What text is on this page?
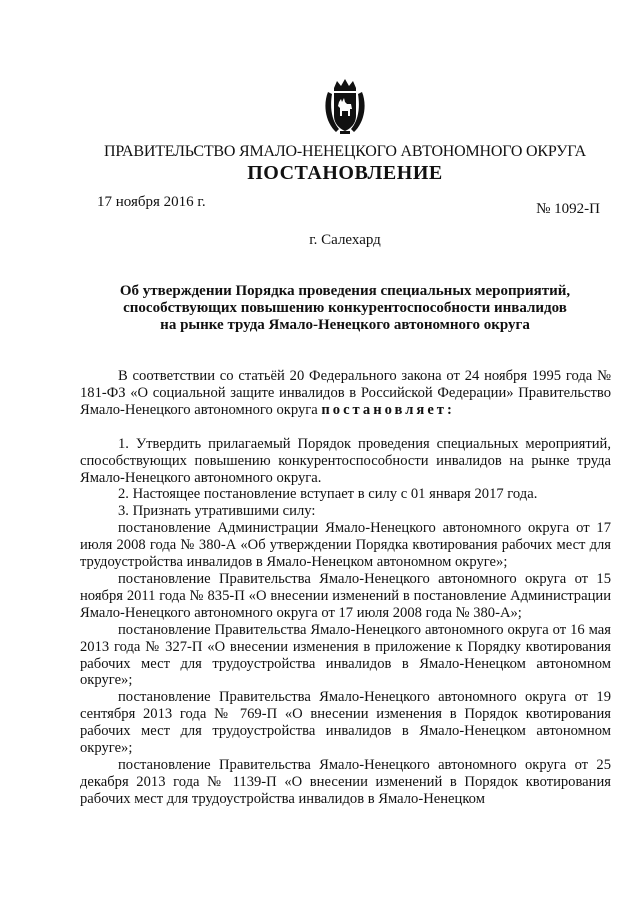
ПРАВИТЕЛЬСТВО ЯМАЛО-НЕНЕЦКОГО АВТОНОМНОГО ОКРУГА
ПОСТАНОВЛЕНИЕ
17 ноября 2016 г.	№ 1092-П
г. Салехард
Об утверждении Порядка проведения специальных мероприятий,
способствующих повышению конкурентоспособности инвалидов
на рынке труда Ямало-Ненецкого автономного округа

В соответствии со статьёй 20 Федерального закона от 24 ноября 1995 года № 181-ФЗ «О социальной защите инвалидов в Российской Федерации» Правительство Ямало-Ненецкого автономного округа постановляет:

1. Утвердить прилагаемый Порядок проведения специальных мероприятий, способствующих повышению конкурентоспособности инвалидов на рынке труда Ямало-Ненецкого автономного округа.

2. Настоящее постановление вступает в силу с 01 января 2017 года.

3. Признать утратившими силу:

постановление Администрации Ямало-Ненецкого автономного округа от 17 июля 2008 года № 380-А «Об утверждении Порядка квотирования рабочих мест для трудоустройства инвалидов в Ямало-Ненецком автономном округе»;

постановление Правительства Ямало-Ненецкого автономного округа от 15 ноября 2011 года № 835-П «О внесении изменений в постановление Администрации Ямало-Ненецкого автономного округа от 17 июля 2008 года № 380-А»;

постановление Правительства Ямало-Ненецкого автономного округа от 16 мая 2013 года № 327-П «О внесении изменения в приложение к Порядку квотирования рабочих мест для трудоустройства инвалидов в Ямало-Ненецком автономном округе»;

постановление Правительства Ямало-Ненецкого автономного округа от 19 сентября 2013 года № 769-П «О внесении изменения в Порядок квотирования рабочих мест для трудоустройства инвалидов в Ямало-Ненецком автономном округе»;

постановление Правительства Ямало-Ненецкого автономного округа от 25 декабря 2013 года № 1139-П «О внесении изменений в Порядок квотирования рабочих мест для трудоустройства инвалидов в Ямало-Ненецком
